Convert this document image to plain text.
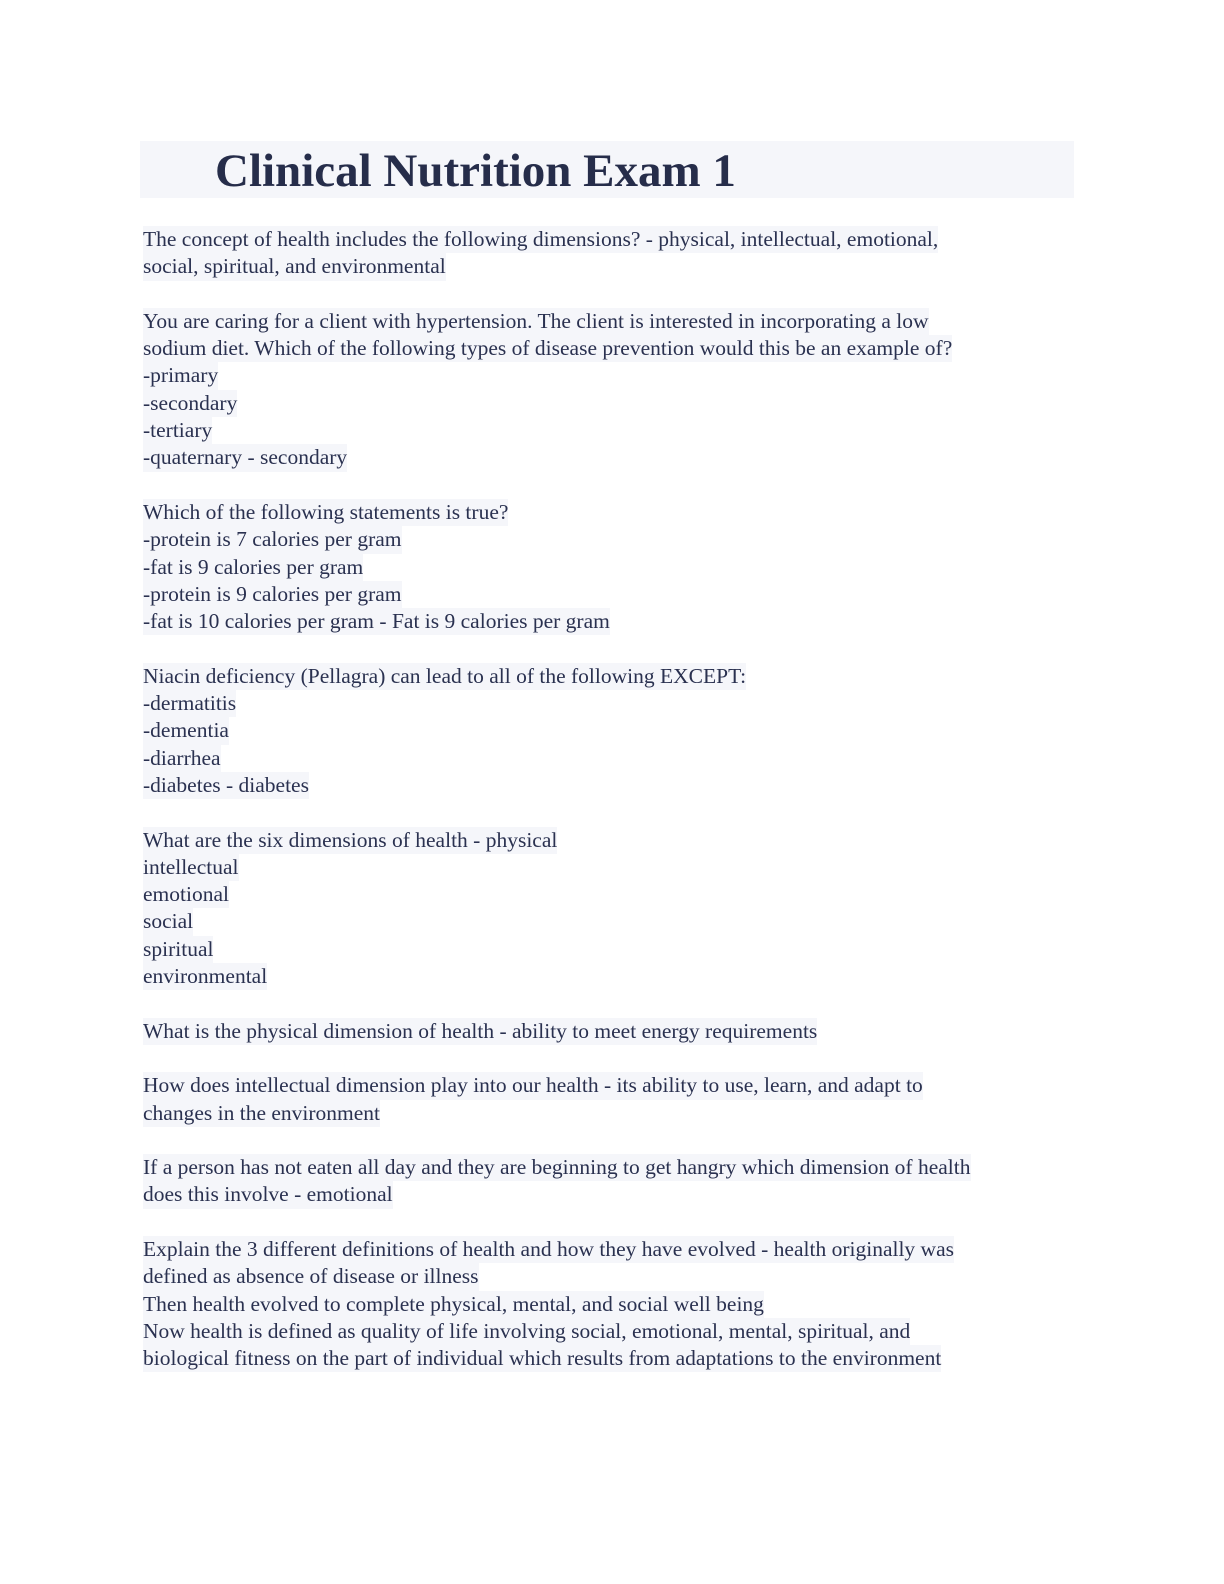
Clinical Nutrition Exam 1
The concept of health includes the following dimensions? - physical, intellectual, emotional,
social, spiritual, and environmental
You are caring for a client with hypertension. The client is interested in incorporating a low
sodium diet. Which of the following types of disease prevention would this be an example of?
-primary
-secondary
-tertiary
-quaternary - secondary
Which of the following statements is true?
-protein is 7 calories per gram
-fat is 9 calories per gram
-protein is 9 calories per gram
-fat is 10 calories per gram - Fat is 9 calories per gram
Niacin deficiency (Pellagra) can lead to all of the following EXCEPT:
-dermatitis
-dementia
-diarrhea
-diabetes - diabetes
What are the six dimensions of health - physical
intellectual
emotional
social
spiritual
environmental
What is the physical dimension of health - ability to meet energy requirements
How does intellectual dimension play into our health - its ability to use, learn, and adapt to
changes in the environment
If a person has not eaten all day and they are beginning to get hangry which dimension of health
does this involve - emotional
Explain the 3 different definitions of health and how they have evolved - health originally was
defined as absence of disease or illness
Then health evolved to complete physical, mental, and social well being
Now health is defined as quality of life involving social, emotional, mental, spiritual, and
biological fitness on the part of individual which results from adaptations to the environment
